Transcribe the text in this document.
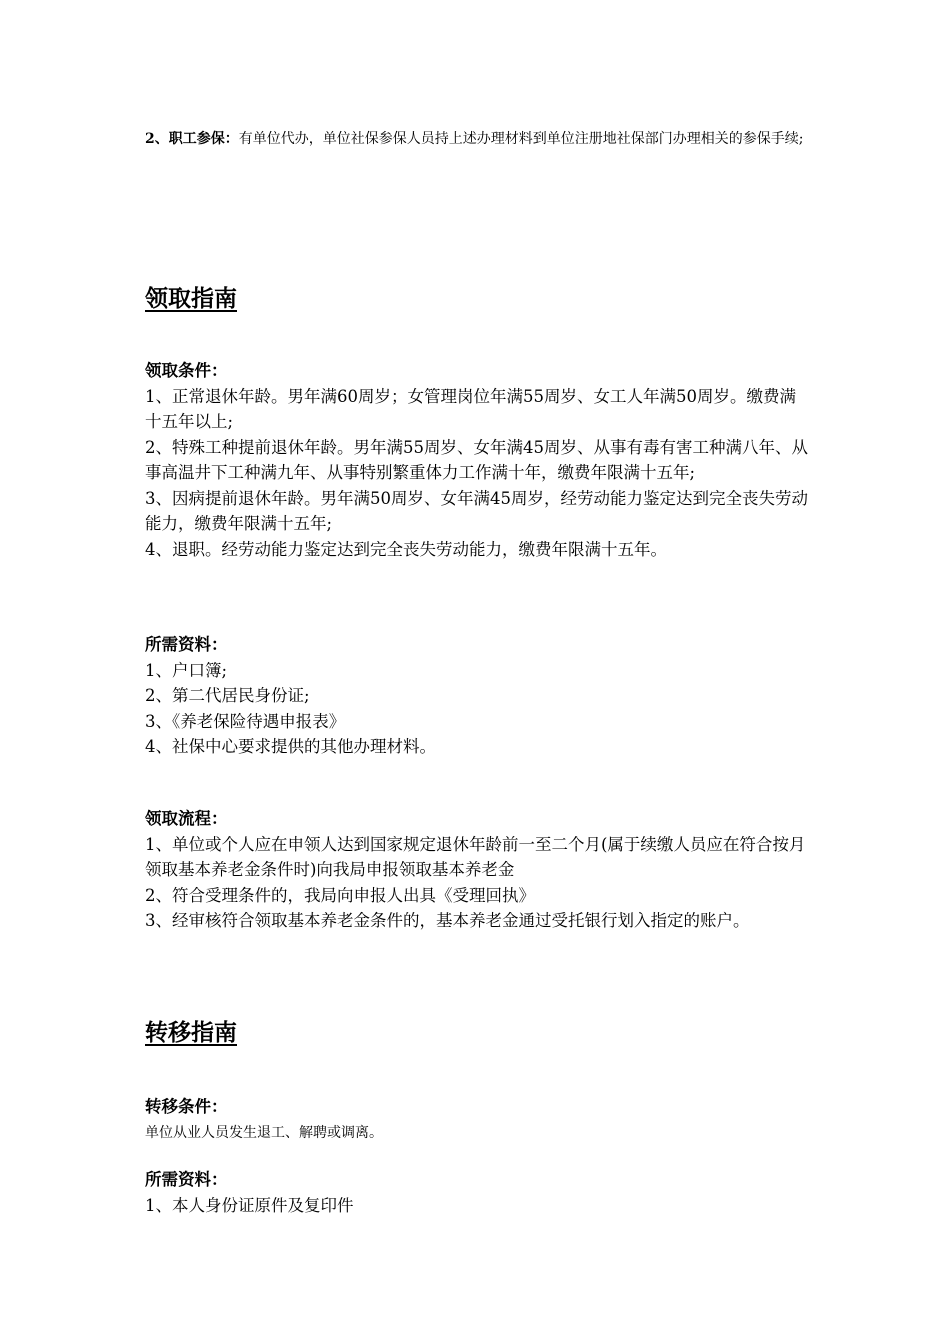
2、职工参保：有单位代办，单位社保参保人员持上述办理材料到单位注册地社保部门办理相关的参保手续;

领取指南

领取条件：

1、正常退休年龄。男年满60周岁；女管理岗位年满55周岁、女工人年满50周岁。缴费满十五年以上;

2、特殊工种提前退休年龄。男年满55周岁、女年满45周岁、从事有毒有害工种满八年、从事高温井下工种满九年、从事特别繁重体力工作满十年，缴费年限满十五年;

3、因病提前退休年龄。男年满50周岁、女年满45周岁，经劳动能力鉴定达到完全丧失劳动能力，缴费年限满十五年;

4、退职。经劳动能力鉴定达到完全丧失劳动能力，缴费年限满十五年。

所需资料：

1、户口簿;

2、第二代居民身份证;

3、《养老保险待遇申报表》

4、社保中心要求提供的其他办理材料。

领取流程：

1、单位或个人应在申领人达到国家规定退休年龄前一至二个月(属于续缴人员应在符合按月领取基本养老金条件时)向我局申报领取基本养老金

2、符合受理条件的，我局向申报人出具《受理回执》

3、经审核符合领取基本养老金条件的，基本养老金通过受托银行划入指定的账户。

转移指南

转移条件：

单位从业人员发生退工、解聘或调离。

所需资料：

1、本人身份证原件及复印件
